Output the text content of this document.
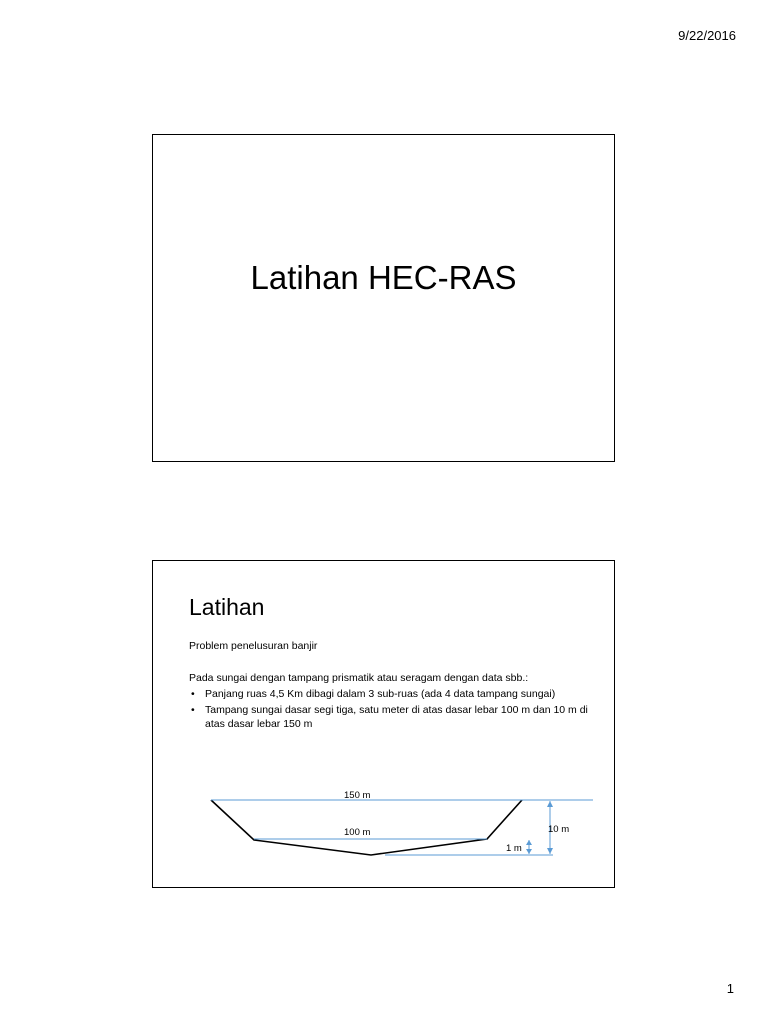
9/22/2016
Latihan HEC-RAS
Latihan

Problem penelusuran banjir

Pada sungai dengan tampang prismatik atau seragam dengan data sbb.:

• Panjang ruas 4,5 Km dibagi dalam 3 sub-ruas (ada 4 data tampang sungai)
• Tampang sungai dasar segi tiga, satu meter di atas dasar lebar 100 m dan 10 m di atas dasar lebar 150 m
150 m
100 m	10 m
1 m
1
